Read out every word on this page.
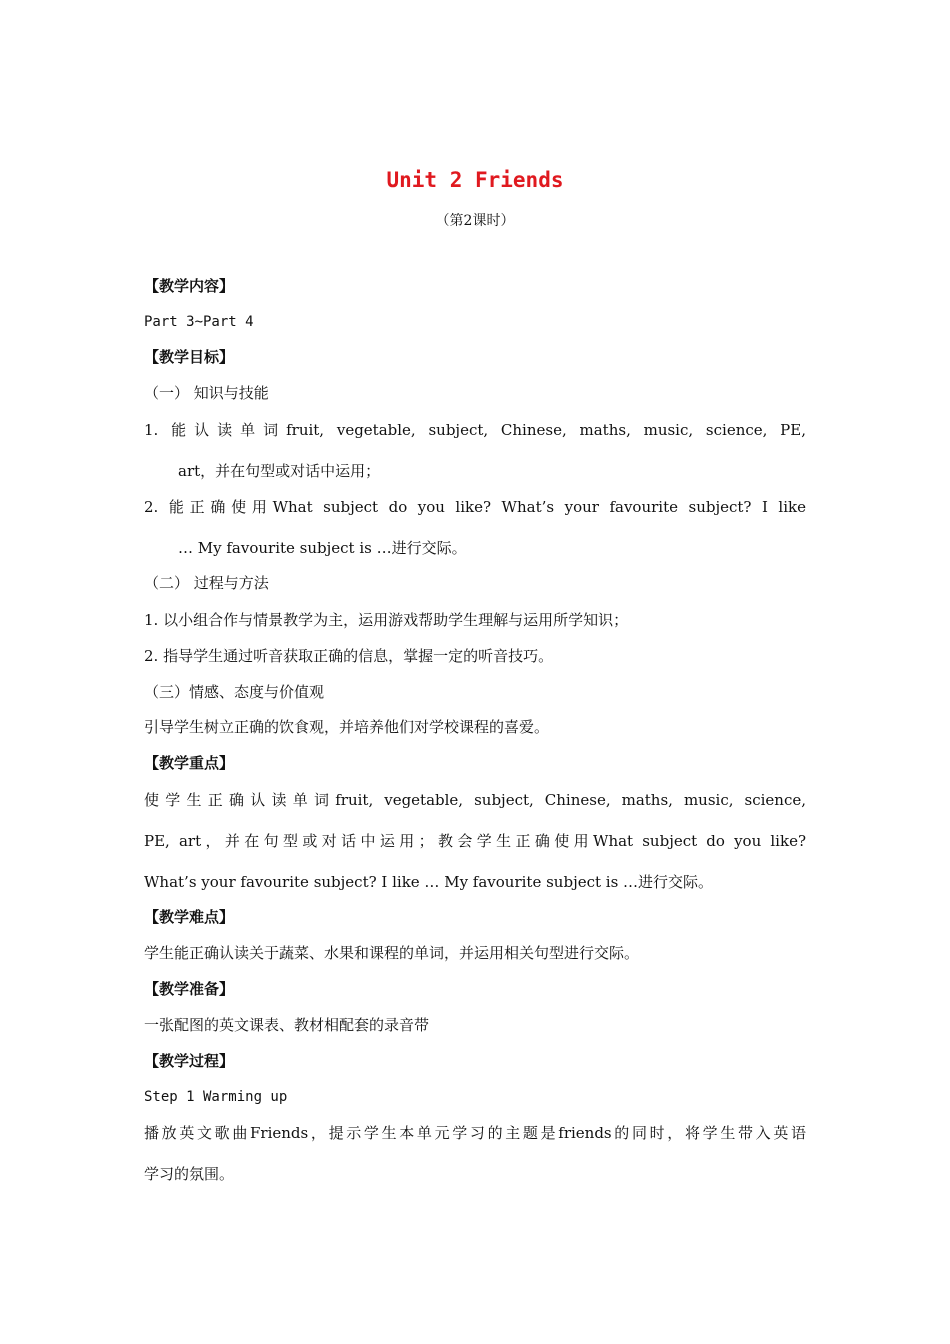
Unit 2 Friends
（第2课时）
【教学内容】
Part 3~Part 4
【教学目标】
（一） 知识与技能
1. 能认读单词fruit, vegetable, subject, Chinese, maths, music, science, PE,
art，并在句型或对话中运用；
2. 能正确使用What subject do you like? What’s your favourite subject? I like
… My favourite subject is …进行交际。
（二） 过程与方法
1. 以小组合作与情景教学为主，运用游戏帮助学生理解与运用所学知识；
2. 指导学生通过听音获取正确的信息，掌握一定的听音技巧。
（三）情感、态度与价值观
引导学生树立正确的饮食观，并培养他们对学校课程的喜爱。
【教学重点】
使学生正确认读单词fruit, vegetable, subject, Chinese, maths, music, science,
PE, art，并在句型或对话中运用；教会学生正确使用What subject do you like?
What’s your favourite subject? I like … My favourite subject is …进行交际。
【教学难点】
学生能正确认读关于蔬菜、水果和课程的单词，并运用相关句型进行交际。
【教学准备】
一张配图的英文课表、教材相配套的录音带
【教学过程】
Step 1 Warming up
播放英文歌曲Friends，提示学生本单元学习的主题是friends的同时，将学生带入英语
学习的氛围。
